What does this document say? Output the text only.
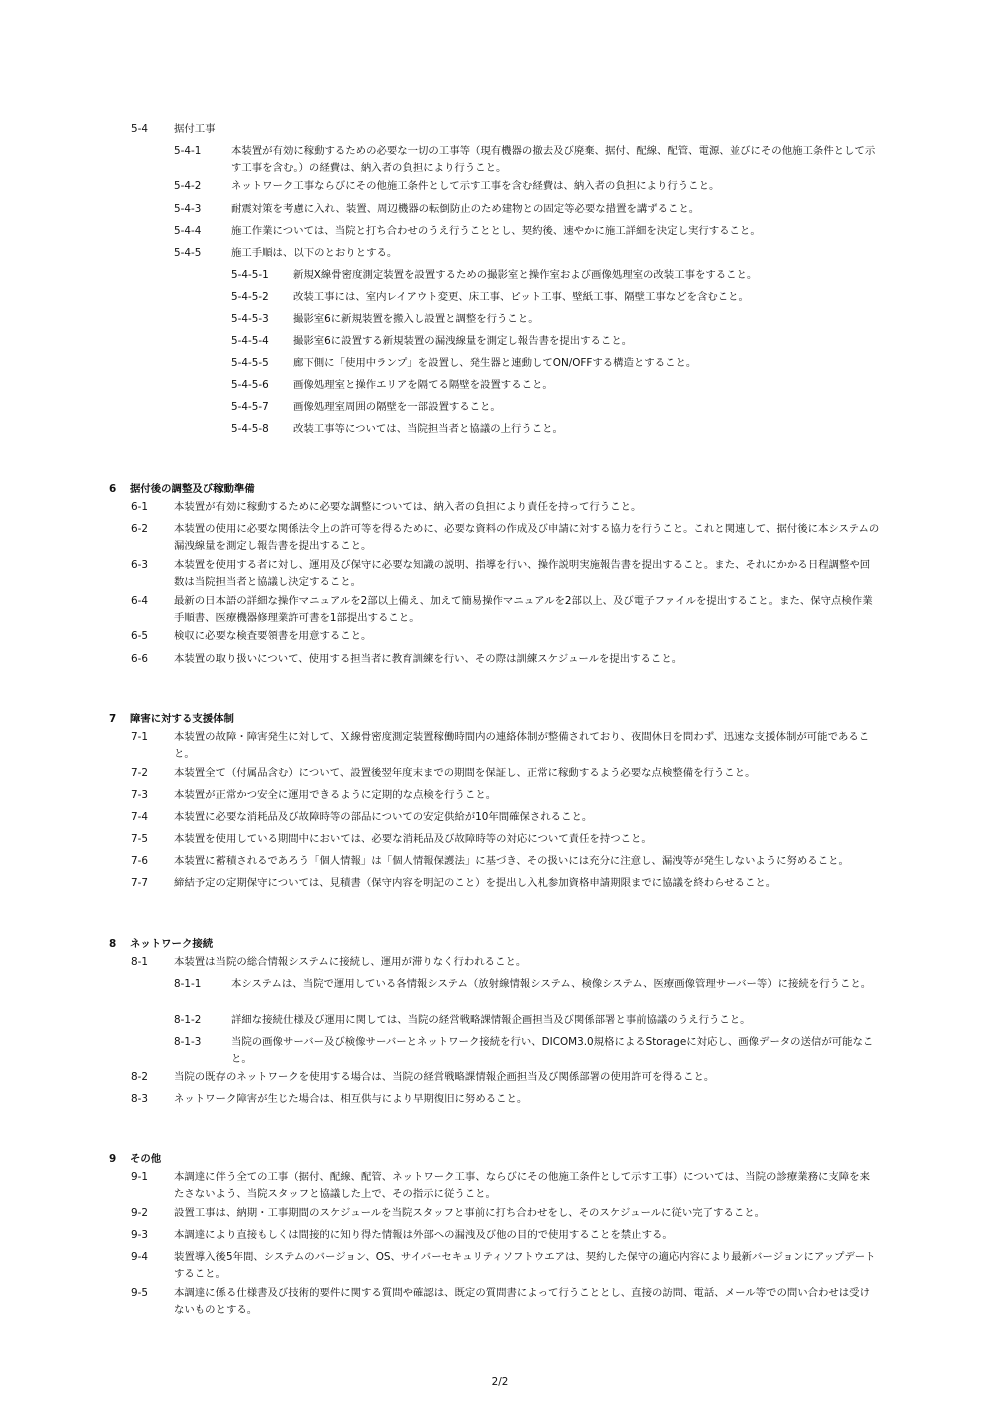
2/2
5-4	据付工事
5-4-1	本装置が有効に稼動するための必要な一切の工事等（現有機器の撤去及び廃棄、据付、配線、配管、電源、並びにその他施工条件として示す工事を含む。）の経費は、納入者の負担により行うこと。
5-4-2	ネットワーク工事ならびにその他施工条件として示す工事を含む経費は、納入者の負担により行うこと。
5-4-3	耐震対策を考慮に入れ、装置、周辺機器の転倒防止のため建物との固定等必要な措置を講ずること。
5-4-4	施工作業については、当院と打ち合わせのうえ行うこととし、契約後、速やかに施工詳細を決定し実行すること。
5-4-5	施工手順は、以下のとおりとする。
5-4-5-1 新規X線骨密度測定装置を設置するための撮影室と操作室および画像処理室の改装工事をすること。
5-4-5-2 改装工事には、室内レイアウト変更、床工事、ピット工事、壁紙工事、隔壁工事などを含むこと。
5-4-5-3 撮影室6に新規装置を搬入し設置と調整を行うこと。
5-4-5-4 撮影室6に設置する新規装置の漏洩線量を測定し報告書を提出すること。
5-4-5-5 廊下側に「使用中ランプ」を設置し、発生器と連動してON/OFFする構造とすること。
5-4-5-6 画像処理室と操作エリアを隔てる隔壁を設置すること。
5-4-5-7 画像処理室周囲の隔壁を一部設置すること。
5-4-5-8 改装工事等については、当院担当者と協議の上行うこと。
6 据付後の調整及び稼動準備
6-1	本装置が有効に稼動するために必要な調整については、納入者の負担により責任を持って行うこと。
6-2	本装置の使用に必要な関係法令上の許可等を得るために、必要な資料の作成及び申請に対する協力を行うこと。これと関連して、据付後に本システムの漏洩線量を測定し報告書を提出すること。
6-3	本装置を使用する者に対し、運用及び保守に必要な知識の説明、指導を行い、操作説明実施報告書を提出すること。また、それにかかる日程調整や回数は当院担当者と協議し決定すること。
6-4	最新の日本語の詳細な操作マニュアルを2部以上備え、加えて簡易操作マニュアルを2部以上、及び電子ファイルを提出すること。また、保守点検作業手順書、医療機器修理業許可書を1部提出すること。
6-5	検収に必要な検査要領書を用意すること。
6-6	本装置の取り扱いについて、使用する担当者に教育訓練を行い、その際は訓練スケジュールを提出すること。
7 障害に対する支援体制
7-1	本装置の故障・障害発生に対して、Ｘ線骨密度測定装置稼働時間内の連絡体制が整備されており、夜間休日を問わず、迅速な支援体制が可能であること。
7-2	本装置全て（付属品含む）について、設置後翌年度末までの期間を保証し、正常に稼動するよう必要な点検整備を行うこと。
7-3	本装置が正常かつ安全に運用できるように定期的な点検を行うこと。
7-4	本装置に必要な消耗品及び故障時等の部品についての安定供給が10年間確保されること。
7-5	本装置を使用している期間中においては、必要な消耗品及び故障時等の対応について責任を持つこと。
7-6	本装置に蓄積されるであろう「個人情報」は「個人情報保護法」に基づき、その扱いには充分に注意し、漏洩等が発生しないように努めること。
7-7	締結予定の定期保守については、見積書（保守内容を明記のこと）を提出し入札参加資格申請期限までに協議を終わらせること。
8 ネットワーク接続
8-1	本装置は当院の総合情報システムに接続し、運用が滞りなく行われること。
8-1-1	本システムは、当院で運用している各情報システム（放射線情報システム、検像システム、医療画像管理サーバー等）に接続を行うこと。
8-1-2	詳細な接続仕様及び運用に関しては、当院の経営戦略課情報企画担当及び関係部署と事前協議のうえ行うこと。
8-1-3	当院の画像サーバー及び検像サーバーとネットワーク接続を行い、DICOM3.0規格によるStorageに対応し、画像データの送信が可能なこと。
8-2	当院の既存のネットワークを使用する場合は、当院の経営戦略課情報企画担当及び関係部署の使用許可を得ること。
8-3	ネットワーク障害が生じた場合は、相互供与により早期復旧に努めること。
9 その他
9-1	本調達に伴う全ての工事（据付、配線、配管、ネットワーク工事、ならびにその他施工条件として示す工事）については、当院の診療業務に支障を来たさないよう、当院スタッフと協議した上で、その指示に従うこと。
9-2	設置工事は、納期・工事期間のスケジュールを当院スタッフと事前に打ち合わせをし、そのスケジュールに従い完了すること。
9-3	本調達により直接もしくは間接的に知り得た情報は外部への漏洩及び他の目的で使用することを禁止する。
9-4	装置導入後5年間、システムのバージョン、OS、サイバーセキュリティソフトウエアは、契約した保守の適応内容により最新バージョンにアップデートすること。
9-5	本調達に係る仕様書及び技術的要件に関する質問や確認は、既定の質問書によって行うこととし、直接の訪問、電話、メール等での問い合わせは受けないものとする。
